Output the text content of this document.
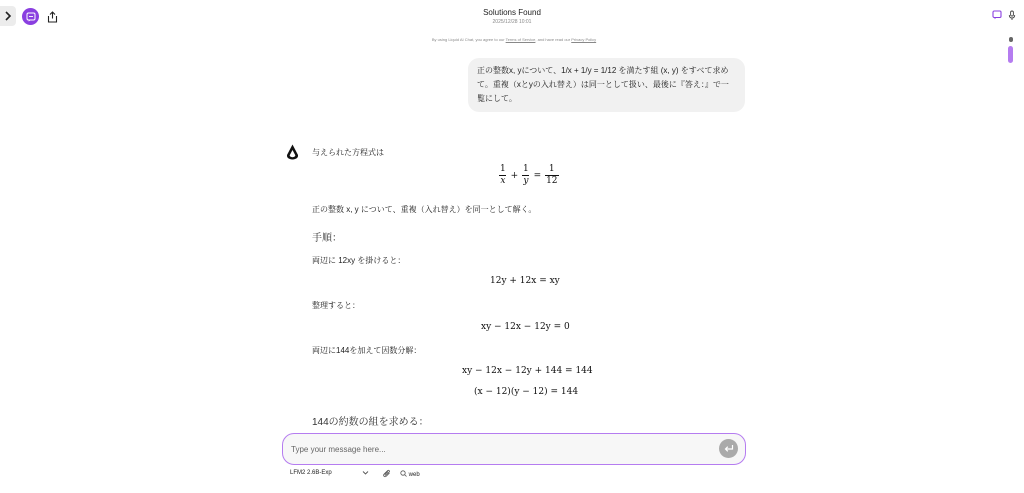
Solutions Found
2025/12/28 10:01
By using Liquid AI Chat, you agree to our Terms of Service, and have read our Privacy Policy
正の整数x, yについて、1/x + 1/y = 1/12 を満たす組 (x, y) をすべて求めて。重複（xとyの入れ替え）は同一として扱い、最後に『答え：』で一覧にして。
与えられた方程式は
$\frac{1}{x} + \frac{1}{y} = \frac{1}{12}$
正の整数 x, y について、重複（入れ替え）を同一として解く。
手順：
両辺に 12xy を掛けると：
12y + 12x = xy
整理すると：
xy − 12x − 12y = 0
両辺に144を加えて因数分解：
xy − 12x − 12y + 144 = 144
(x − 12)(y − 12) = 144
144の約数の組を求める：
Type your message here...
LFM2 2.6B-Exp	web
